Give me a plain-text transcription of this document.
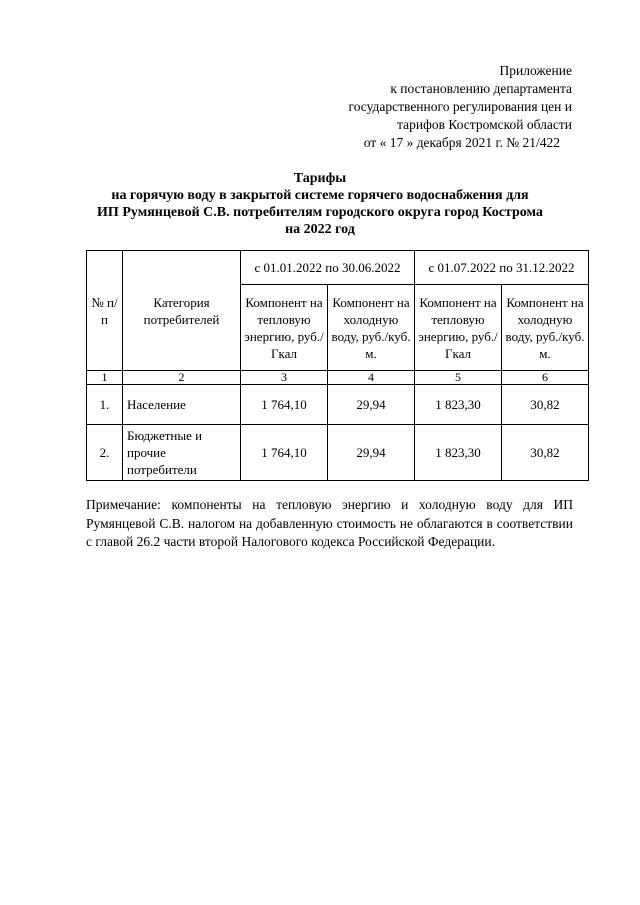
Приложение
к постановлению департамента
государственного регулирования цен и
тарифов Костромской области
от « 17 » декабря 2021 г. № 21/422
Тарифы
на горячую воду в закрытой системе горячего водоснабжения для
ИП Румянцевой С.В. потребителям городского округа город Кострома
на 2022 год
№ п/п	Категория потребителей	с 01.01.2022 по 30.06.2022		с 01.07.2022 по 31.12.2022	
		Компонент на тепловую энергию, руб./Гкал	Компонент на холодную воду, руб./куб. м.	Компонент на тепловую энергию, руб./Гкал	Компонент на холодную воду, руб./куб. м.
1	2	3	4	5	6
1.	Население	1 764,10	29,94	1 823,30	30,82
2.	Бюджетные и прочие потребители	1 764,10	29,94	1 823,30	30,82
Примечание: компоненты на тепловую энергию и холодную воду для ИП Румянцевой С.В. налогом на добавленную стоимость не облагаются в соответствии с главой 26.2 части второй Налогового кодекса Российской Федерации.
